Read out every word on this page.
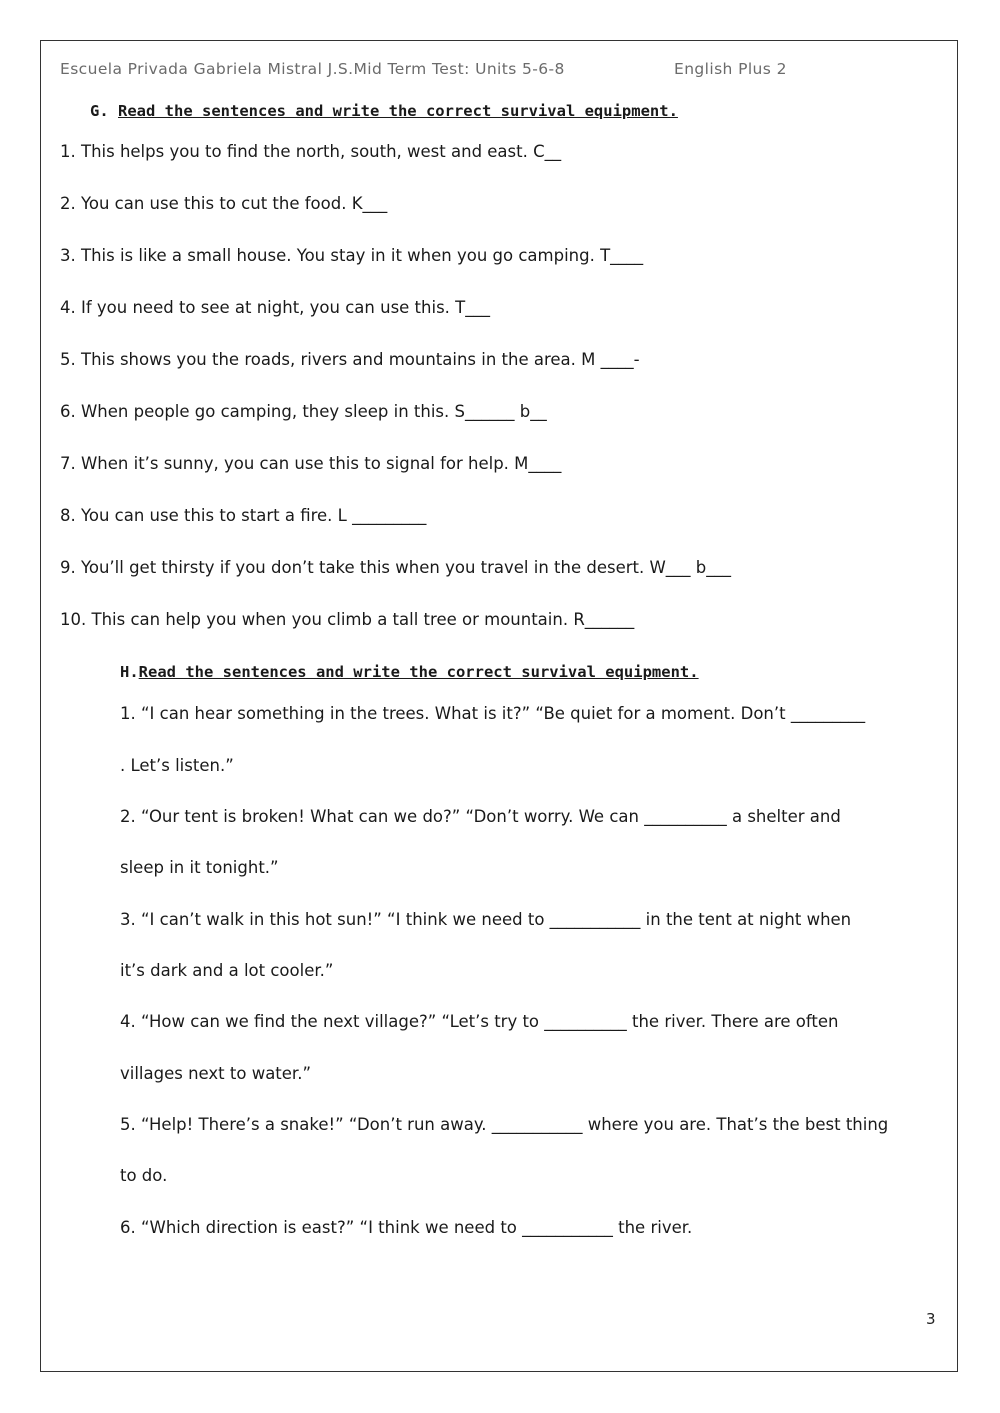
Escuela Privada Gabriela Mistral J.S.Mid Term Test: Units 5-6-8	English Plus 2
G. Read the sentences and write the correct survival equipment.
1. This helps you to find the north, south, west and east. C__
2. You can use this to cut the food. K___
3. This is like a small house. You stay in it when you go camping. T____
4. If you need to see at night, you can use this. T___
5. This shows you the roads, rivers and mountains in the area. M ____-
6. When people go camping, they sleep in this. S______ b__
7. When it’s sunny, you can use this to signal for help. M____
8. You can use this to start a fire. L _________
9. You’ll get thirsty if you don’t take this when you travel in the desert. W___ b___
10. This can help you when you climb a tall tree or mountain. R______
H.Read the sentences and write the correct survival equipment.
1. “I can hear something in the trees. What is it?” “Be quiet for a moment. Don’t _________
. Let’s listen.”
2. “Our tent is broken! What can we do?” “Don’t worry. We can __________ a shelter and
sleep in it tonight.”
3. “I can’t walk in this hot sun!” “I think we need to ___________ in the tent at night when
it’s dark and a lot cooler.”
4. “How can we find the next village?” “Let’s try to __________ the river. There are often
villages next to water.”
5. “Help! There’s a snake!” “Don’t run away. ___________ where you are. That’s the best thing
to do.
6. “Which direction is east?” “I think we need to ___________ the river.
3
